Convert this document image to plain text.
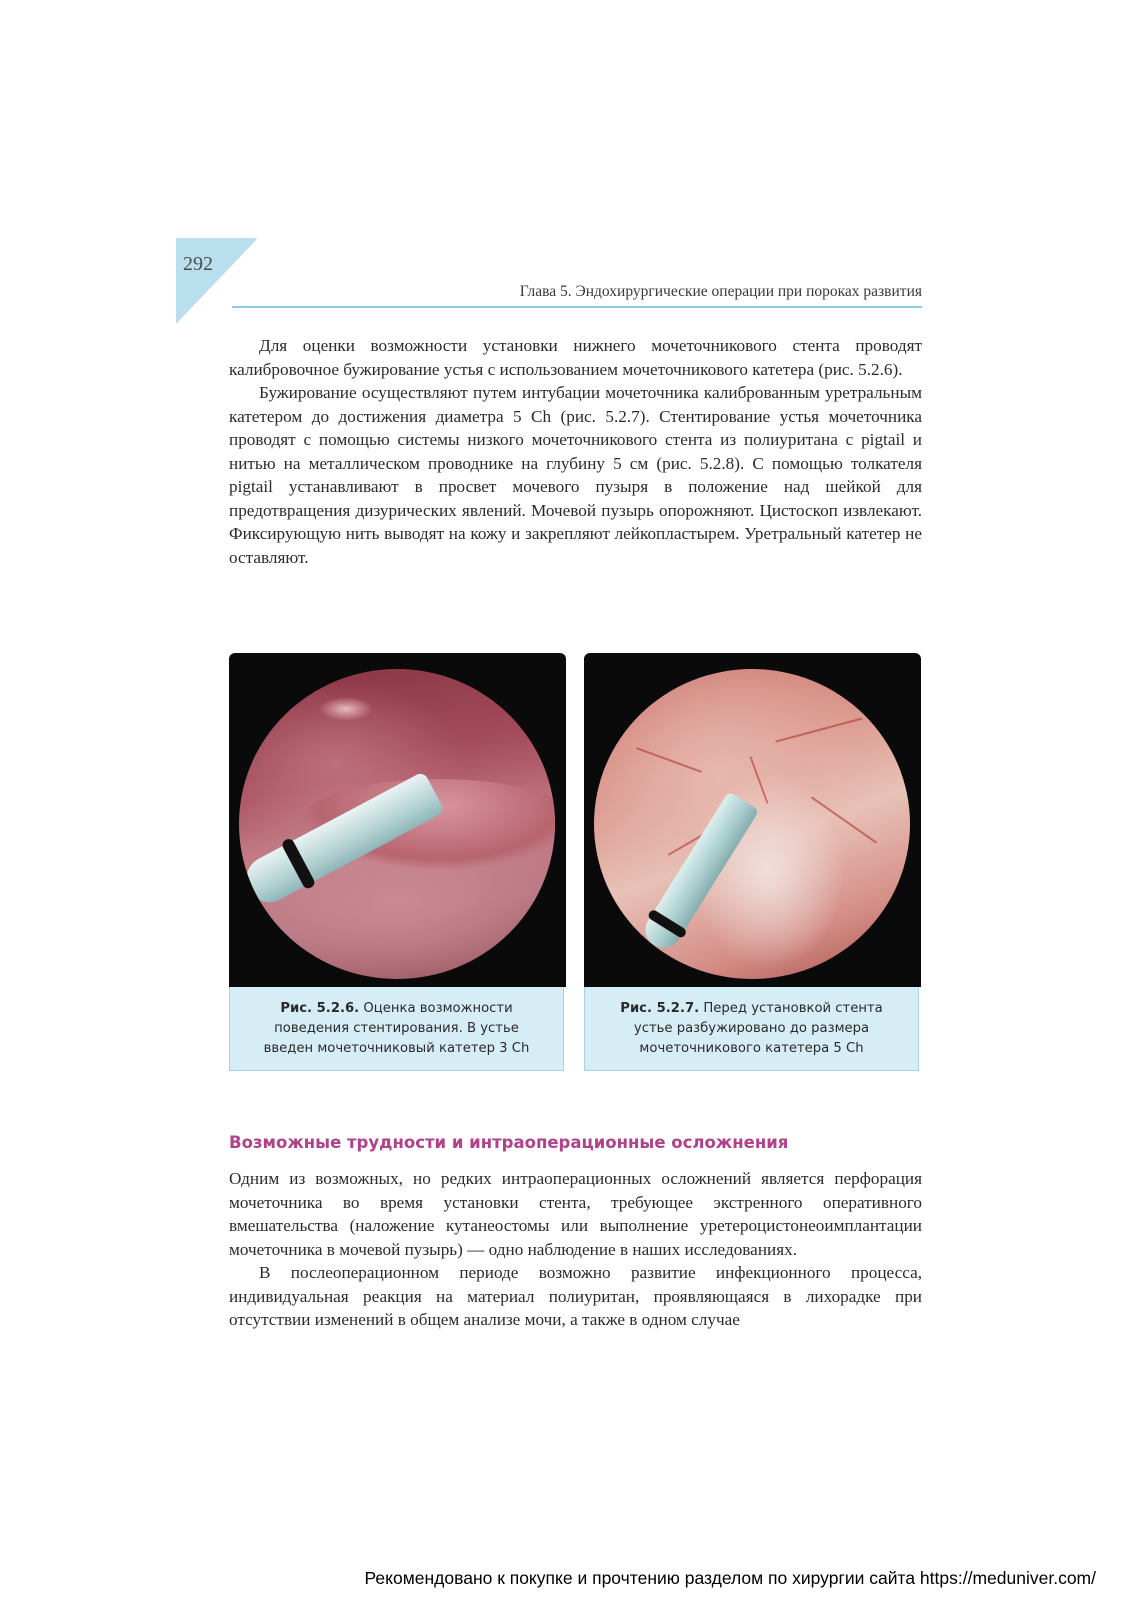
292
Глава 5. Эндохирургические операции при пороках развития

Для оценки возможности установки нижнего мочеточникового стента проводят калибровочное бужирование устья с использованием мочеточникового катетера (рис. 5.2.6).

Бужирование осуществляют путем интубации мочеточника калиброванным уретральным катетером до достижения диаметра 5 Ch (рис. 5.2.7). Стентирование устья мочеточника проводят с помощью системы низкого мочеточникового стента из полиуритана с pigtail и нитью на металлическом проводнике на глубину 5 см (рис. 5.2.8). С помощью толкателя pigtail устанавливают в просвет мочевого пузыря в положение над шейкой для предотвращения дизурических явлений. Мочевой пузырь опорожняют. Цистоскоп извлекают. Фиксирующую нить выводят на кожу и закрепляют лейкопластырем. Уретральный катетер не оставляют.

Рис. 5.2.6. Оценка возможности поведения стентирования. В устье введен мочеточниковый катетер 3 Ch
Рис. 5.2.7. Перед установкой стента устье разбужировано до размера мочеточникового катетера 5 Ch
Возможные трудности и интраоперационные осложнения

Одним из возможных, но редких интраоперационных осложнений является перфорация мочеточника во время установки стента, требующее экстренного оперативного вмешательства (наложение кутанеостомы или выполнение уретероцистонеоимплантации мочеточника в мочевой пузырь) — одно наблюдение в наших исследованиях.

В послеоперационном периоде возможно развитие инфекционного процесса, индивидуальная реакция на материал полиуритан, проявляющаяся в лихорадке при отсутствии изменений в общем анализе мочи, а также в одном случае

Рекомендовано к покупке и прочтению разделом по хирургии сайта https://meduniver.com/
